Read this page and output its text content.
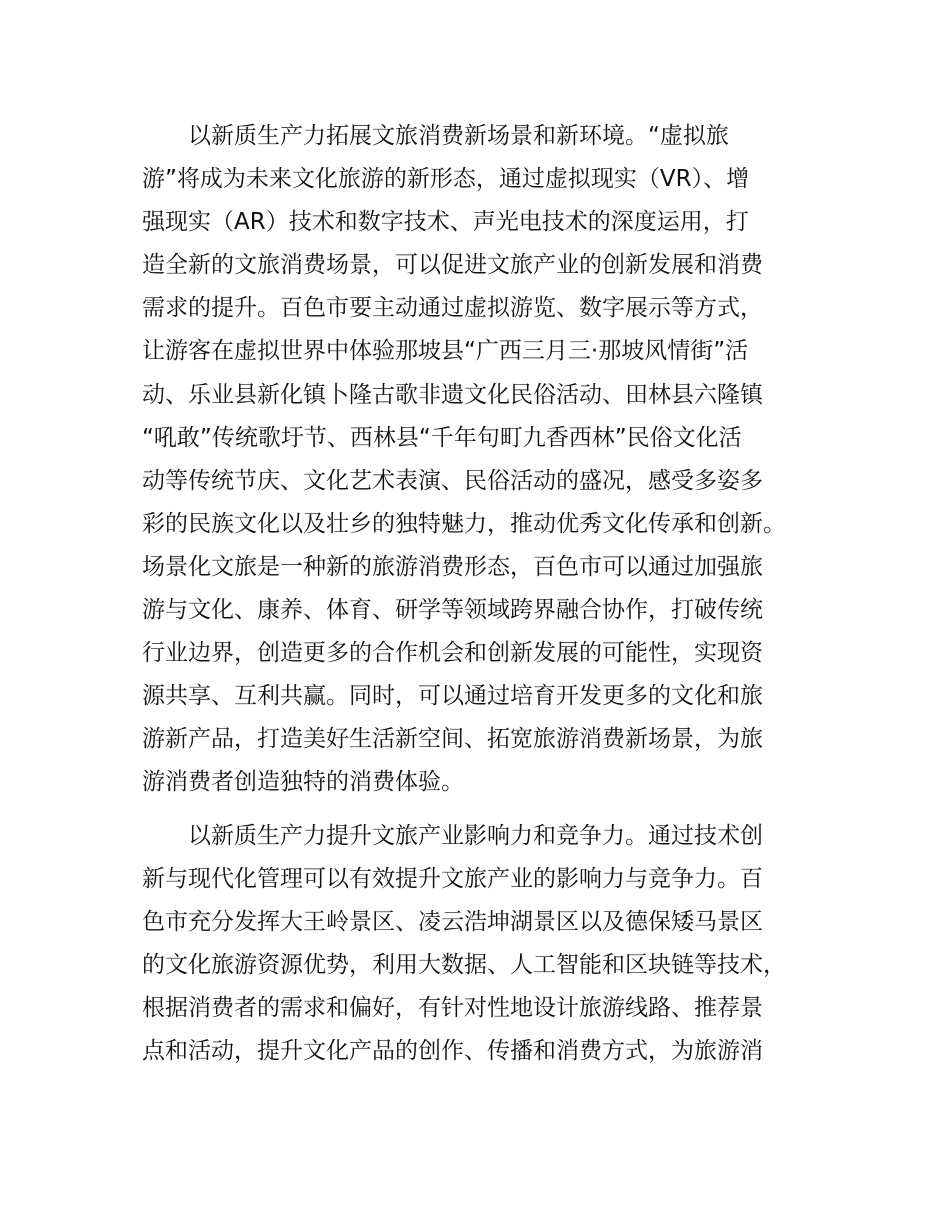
以新质生产力拓展文旅消费新场景和新环境。“虚拟旅
游”将成为未来文化旅游的新形态，通过虚拟现实（VR）、增
强现实（AR）技术和数字技术、声光电技术的深度运用，打
造全新的文旅消费场景，可以促进文旅产业的创新发展和消费
需求的提升。百色市要主动通过虚拟游览、数字展示等方式，
让游客在虚拟世界中体验那坡县“广西三月三·那坡风情街”活
动、乐业县新化镇卜隆古歌非遗文化民俗活动、田林县六隆镇
“吼敢”传统歌圩节、西林县“千年句町九香西林”民俗文化活
动等传统节庆、文化艺术表演、民俗活动的盛况，感受多姿多
彩的民族文化以及壮乡的独特魅力，推动优秀文化传承和创新。
场景化文旅是一种新的旅游消费形态，百色市可以通过加强旅
游与文化、康养、体育、研学等领域跨界融合协作，打破传统
行业边界，创造更多的合作机会和创新发展的可能性，实现资
源共享、互利共赢。同时，可以通过培育开发更多的文化和旅
游新产品，打造美好生活新空间、拓宽旅游消费新场景，为旅
游消费者创造独特的消费体验。

以新质生产力提升文旅产业影响力和竞争力。通过技术创
新与现代化管理可以有效提升文旅产业的影响力与竞争力。百
色市充分发挥大王岭景区、凌云浩坤湖景区以及德保矮马景区
的文化旅游资源优势，利用大数据、人工智能和区块链等技术，
根据消费者的需求和偏好，有针对性地设计旅游线路、推荐景
点和活动，提升文化产品的创作、传播和消费方式，为旅游消
